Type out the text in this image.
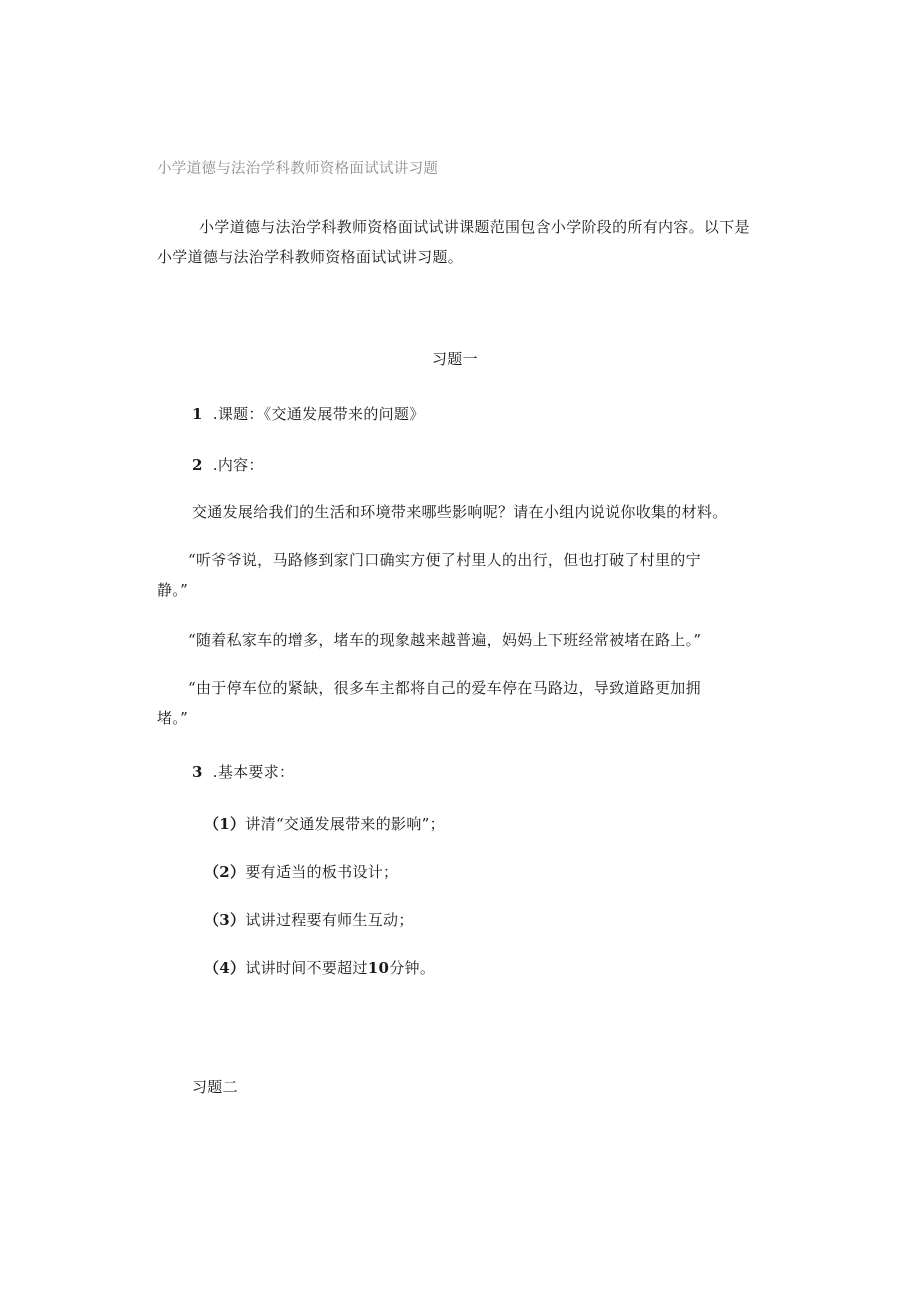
小学道德与法治学科教师资格面试试讲习题
小学道德与法治学科教师资格面试试讲课题范围包含小学阶段的所有内容。以下是
小学道德与法治学科教师资格面试试讲习题。
习题一
1 .课题：《交通发展带来的问题》
2 .内容：
交通发展给我们的生活和环境带来哪些影响呢？请在小组内说说你收集的材料。
“听爷爷说，马路修到家门口确实方便了村里人的出行，但也打破了村里的宁
静。”
“随着私家车的增多，堵车的现象越来越普遍，妈妈上下班经常被堵在路上。”
“由于停车位的紧缺，很多车主都将自己的爱车停在马路边，导致道路更加拥
堵。”
3 .基本要求：
（1）讲清“交通发展带来的影响”；
（2）要有适当的板书设计；
（3）试讲过程要有师生互动；
（4）试讲时间不要超过10分钟。
习题二
